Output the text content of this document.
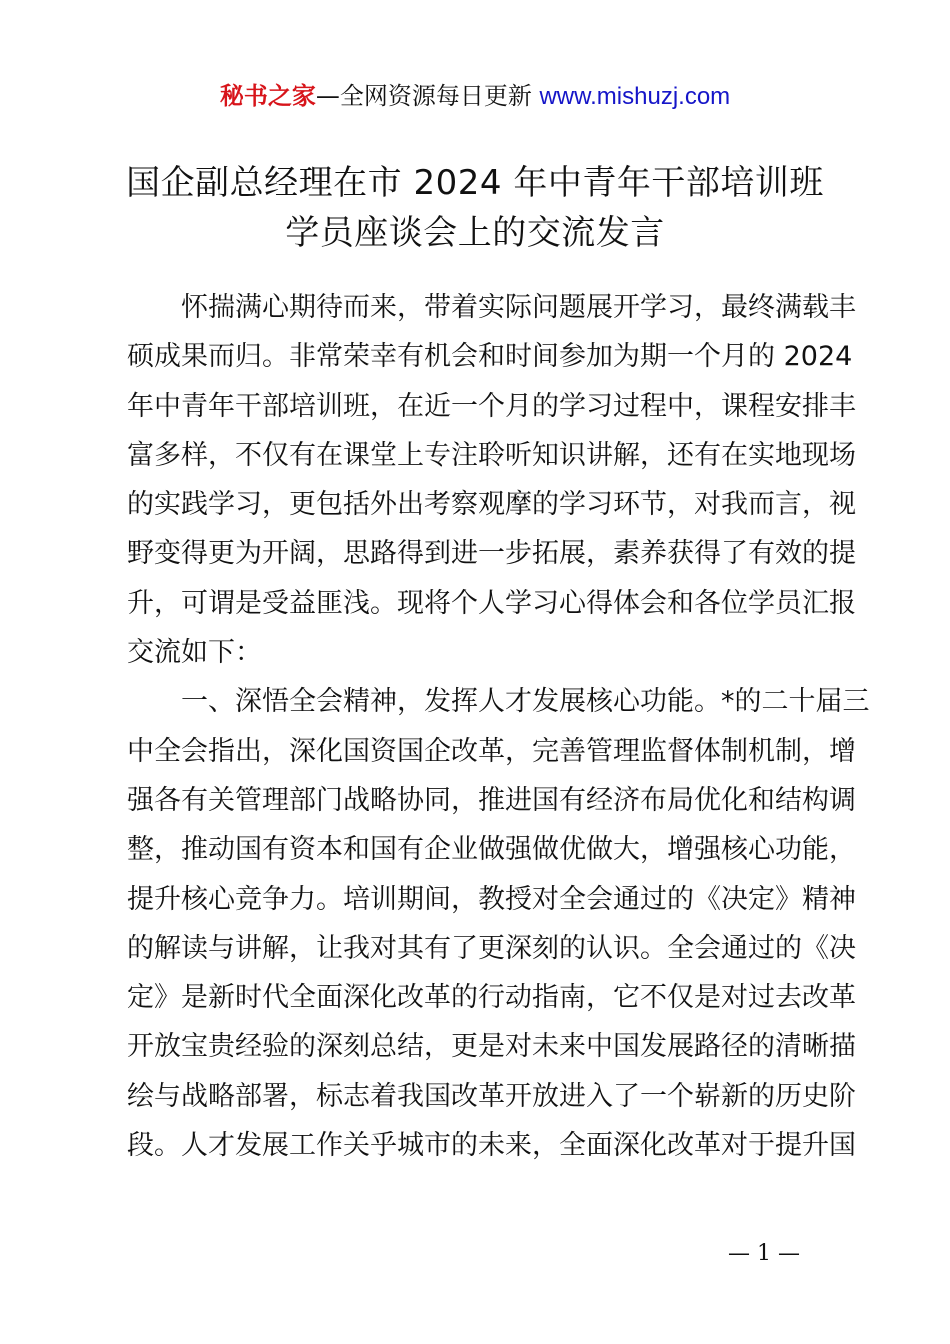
秘书之家—全网资源每日更新 www.mishuzj.com
国企副总经理在市 2024 年中青年干部培训班
学员座谈会上的交流发言
怀揣满心期待而来，带着实际问题展开学习，最终满载丰
硕成果而归。非常荣幸有机会和时间参加为期一个月的 2024
年中青年干部培训班，在近一个月的学习过程中，课程安排丰
富多样，不仅有在课堂上专注聆听知识讲解，还有在实地现场
的实践学习，更包括外出考察观摩的学习环节，对我而言，视
野变得更为开阔，思路得到进一步拓展，素养获得了有效的提
升，可谓是受益匪浅。现将个人学习心得体会和各位学员汇报
交流如下：
一、深悟全会精神，发挥人才发展核心功能。*的二十届三
中全会指出，深化国资国企改革，完善管理监督体制机制，增
强各有关管理部门战略协同，推进国有经济布局优化和结构调
整，推动国有资本和国有企业做强做优做大，增强核心功能，
提升核心竞争力。培训期间，教授对全会通过的《决定》精神
的解读与讲解，让我对其有了更深刻的认识。全会通过的《决
定》是新时代全面深化改革的行动指南，它不仅是对过去改革
开放宝贵经验的深刻总结，更是对未来中国发展路径的清晰描
绘与战略部署，标志着我国改革开放进入了一个崭新的历史阶
段。人才发展工作关乎城市的未来，全面深化改革对于提升国
— 1 —
